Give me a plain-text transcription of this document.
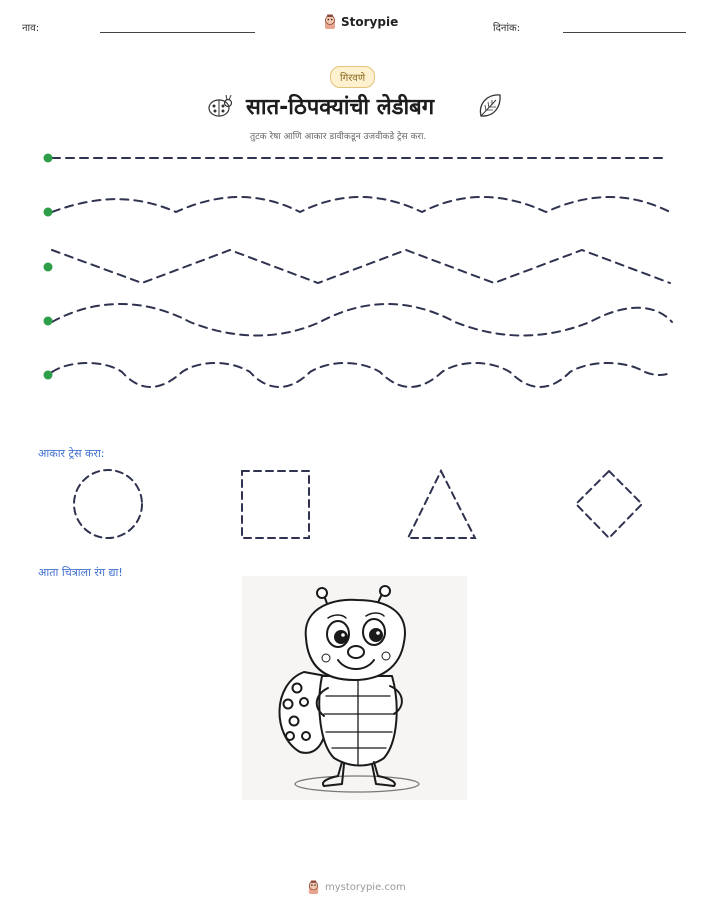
नाव:	Storypie	दिनांक:
गिरवणे
सात-ठिपक्यांची लेडीबग
तुटक रेषा आणि आकार डावीकडून उजवीकडे ट्रेस करा.
आकार ट्रेस करा:
आता चित्राला रंग द्या!
mystorypie.com
